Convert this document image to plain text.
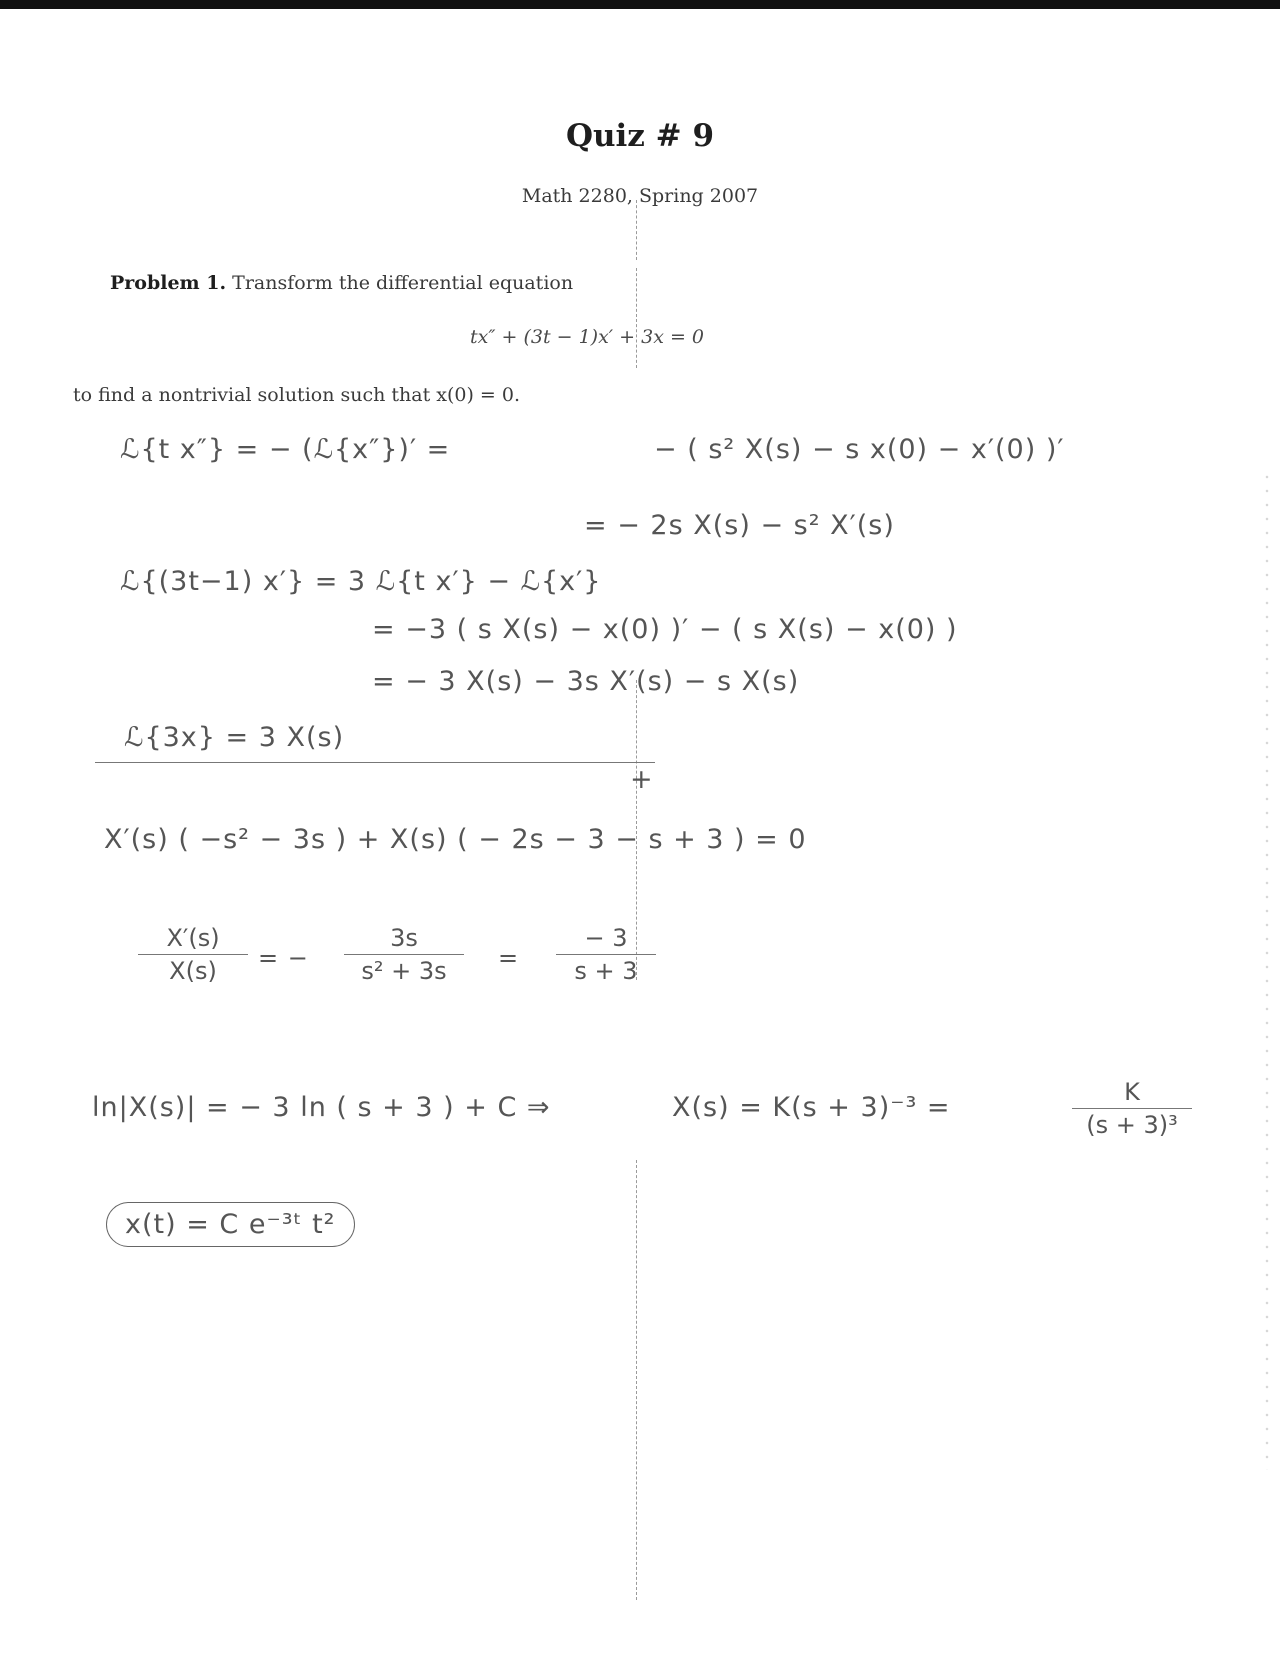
Quiz # 9
Math 2280, Spring 2007
Problem 1. Transform the differential equation
tx″ + (3t − 1)x′ + 3x = 0
to find a nontrivial solution such that x(0) = 0.
ℒ{t x″} = − (ℒ{x″})′ =	− ( s² X(s) − s x(0) − x′(0) )′
= − 2s X(s) − s² X′(s)
ℒ{(3t−1) x′} = 3 ℒ{t x′} − ℒ{x′}
= −3 ( s X(s) − x(0) )′ − ( s X(s) − x(0) )
= − 3 X(s) − 3s X′(s) − s X(s)
ℒ{3x} = 3 X(s)
+
X′(s) ( −s² − 3s ) + X(s) ( − 2s − 3 − s + 3 ) = 0
$\frac{X'(s)}{X(s)}$ = − $\frac{3s}{\text{s² + 3s}} = \frac{- 3}{s + 3}$
ln|X(s)| = − 3 ln ( s + 3 ) + C ⇒	X(s) = K(s + 3)⁻³ =	$\frac{K}{\text{(s + 3)³}}$
x(t) = C e⁻³ᵗ t²
